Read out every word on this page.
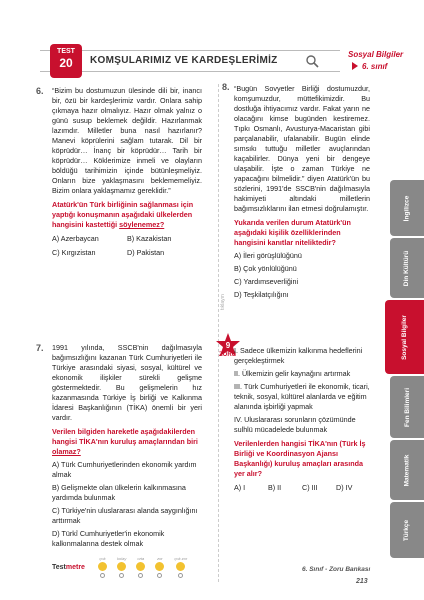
TEST
20	KOMŞULARIMIZ VE KARDEŞLERİMİZ
Sosyal Bilgiler
6. sınıf
6. “Bizim bu dostumuzun ülesinde dili bir, inancı bir, özü bir kardeşlerimiz vardır. Onlara sahip çıkmaya hazır olmalıyız. Hazır olmak yalnız o günü susup beklemek değildir. Hazırlanmak lazımdır. Milletler buna nasıl hazırlanır? Manevi köprülerini sağlam tutarak. Dil bir köprüdür… İnanç bir köprüdür… Tarih bir köprüdür… Köklerimize inmeli ve olayların böldüğü tarihimizin içinde bütünleşmeliyiz. Onların bize yaklaşmasını beklememeliyiz. Bizim onlara yaklaşmamız gereklidir.”

Atatürk'ün Türk birliğinin sağlanması için yaptığı konuşmanın aşağıdaki ülkelerden hangisini kastettiği söylenemez?

A) Azerbaycan	B) Kazakistan
C) Kırgızistan	D) Pakistan
7. 1991 yılında, SSCB'nin dağılmasıyla bağımsızlığını kazanan Türk Cumhuriyetleri ile Türkiye arasındaki siyasi, sosyal, kültürel ve ekonomik ilişkiler sürekli gelişme göstermektedir. Bu gelişmelerin hız kazanmasında Türkiye İş birliği ve Kalkınma İdaresi Başkanlığının (TİKA) önemli bir yeri vardır.

Verilen bilgiden hareketle aşağıdakilerden hangisi TİKA'nın kuruluş amaçlarından biri olamaz?

A) Türk Cumhuriyetlerinden ekonomik yardım almak

B) Gelişmekte olan ülkelerin kalkınmasına yardımda bulunmak

C) Türkiye'nin uluslararası alanda saygınlığını arttırmak

D) Türkî Cumhuriyetler'in ekonomik kalkınmalarına destek olmak

8. “Bugün Sovyetler Birliği dostumuzdur, komşumuzdur, müttefikimizdir. Bu dostluğa ihtiyacımız vardır. Fakat yarın ne olacağını kimse bugünden kestiremez. Tıpkı Osmanlı, Avusturya-Macaristan gibi parçalanabilir, ufalanabilir. Bugün elinde sımsıkı tuttuğu milletler avuçlarından kaçabilirler. Dünya yeni bir dengeye ulaşabilir. İşte o zaman Türkiye ne yapacağını bilmelidir.” diyen Atatürk'ün bu sözlerini, 1991'de SSCB'nin dağılmasıyla hakimiyeti altındaki milletlerin bağımsızlıklarını ilan etmesi doğrulamıştır.

Yukarıda verilen durum Atatürk'ün aşağıdaki kişilik özelliklerinden hangisini kanıtlar niteliktedir?

A) İleri görüşlülüğünü

B) Çok yönlülüğünü

C) Yardımseverliğini

D) Teşkilatçılığını

tıklayın
9
ZORU

I. Sadece ülkemizin kalkınma hedeflerini gerçekleştirmek

II. Ülkemizin gelir kaynağını artırmak

III. Türk Cumhuriyetleri ile ekonomik, ticari, teknik, sosyal, kültürel alanlarda ve eğitim alanında işbirliği yapmak

IV. Uluslararası sorunların çözümünde sulhlü mücadelede bulunmak

Verilenlerden hangisi TİKA'nın (Türk İş Birliği ve Koordinasyon Ajansı Başkanlığı) kuruluş amaçları arasında yer alır?

A) I	B) II	C) III	D) IV
İngilizce
Din Kültürü
Sosyal Bilgiler
Fen Bilimleri
Matematik
Türkçe
Testmetre
çok	kolay	orta	zor	çok zor
6. Sınıf - Zoru Bankası
213
